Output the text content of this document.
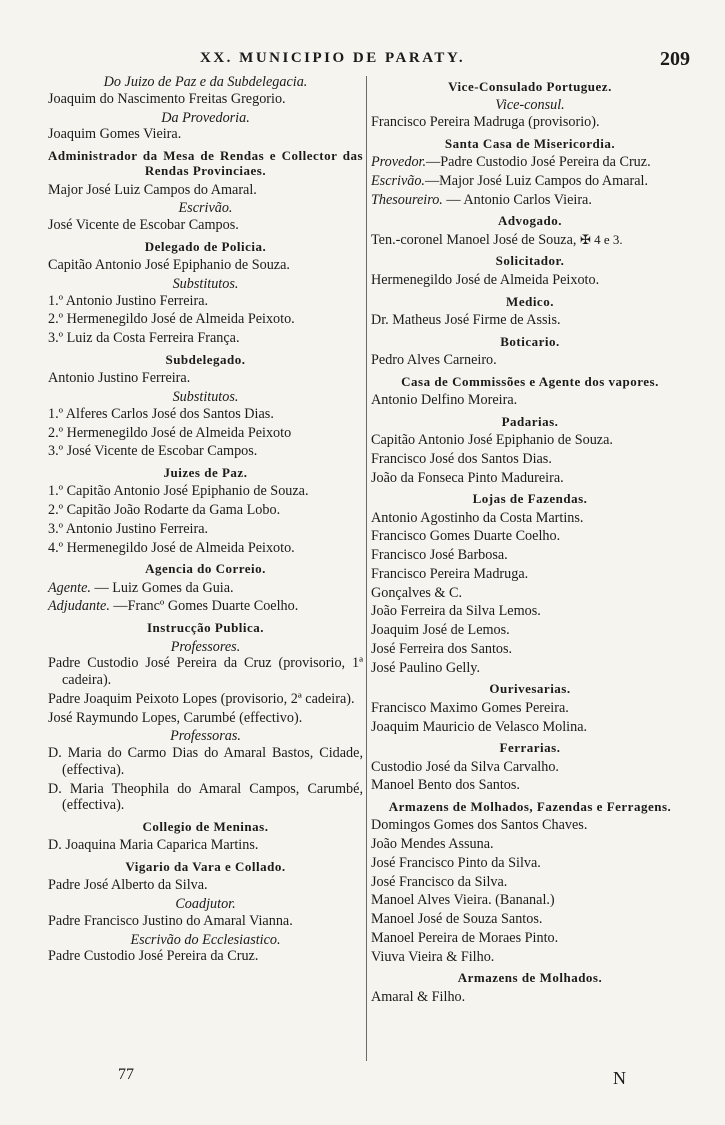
XX. MUNICIPIO DE PARATY.	209
Do Juizo de Paz e da Subdelegacia.
Joaquim do Nascimento Freitas Gregorio.
Da Provedoria.
Joaquim Gomes Vieira.
Administrador da Mesa de Rendas e Collector das Rendas Provinciaes.
Major José Luiz Campos do Amaral.
Escrivão.
José Vicente de Escobar Campos.
Delegado de Policia.
Capitão Antonio José Epiphanio de Souza.
Substitutos.
1.º Antonio Justino Ferreira.
2.º Hermenegildo José de Almeida Peixoto.
3.º Luiz da Costa Ferreira França.
Subdelegado.
Antonio Justino Ferreira.
Substitutos.
1.º Alferes Carlos José dos Santos Dias.
2.º Hermenegildo José de Almeida Peixoto
3.º José Vicente de Escobar Campos.
Juizes de Paz.
1.º Capitão Antonio José Epiphanio de Souza.
2.º Capitão João Rodarte da Gama Lobo.
3.º Antonio Justino Ferreira.
4.º Hermenegildo José de Almeida Peixoto.
Agencia do Correio.
Agente. — Luiz Gomes da Guia.
Adjudante. —Francº Gomes Duarte Coelho.
Instrucção Publica.
Professores.
Padre Custodio José Pereira da Cruz (provisorio, 1ª cadeira).
Padre Joaquim Peixoto Lopes (provisorio, 2ª cadeira).
José Raymundo Lopes, Carumbé (effectivo).
Professoras.
D. Maria do Carmo Dias do Amaral Bastos, Cidade, (effectiva).
D. Maria Theophila do Amaral Campos, Carumbé, (effectiva).
Collegio de Meninas.
D. Joaquina Maria Caparica Martins.
Vigario da Vara e Collado.
Padre José Alberto da Silva.
Coadjutor.
Padre Francisco Justino do Amaral Vianna.
Escrivão do Ecclesiastico.
Padre Custodio José Pereira da Cruz.
Vice-Consulado Portuguez.
Vice-consul.
Francisco Pereira Madruga (provisorio).
Santa Casa de Misericordia.
Provedor.—Padre Custodio José Pereira da Cruz.
Escrivão.—Major José Luiz Campos do Amaral.
Thesoureiro. — Antonio Carlos Vieira.
Advogado.
Ten.-coronel Manoel José de Souza, ✠ 4 e 3.
Solicitador.
Hermenegildo José de Almeida Peixoto.
Medico.
Dr. Matheus José Firme de Assis.
Boticario.
Pedro Alves Carneiro.
Casa de Commissões e Agente dos vapores.
Antonio Delfino Moreira.
Padarias.
Capitão Antonio José Epiphanio de Souza.
Francisco José dos Santos Dias.
João da Fonseca Pinto Madureira.
Lojas de Fazendas.
Antonio Agostinho da Costa Martins.
Francisco Gomes Duarte Coelho.
Francisco José Barbosa.
Francisco Pereira Madruga.
Gonçalves & C.
João Ferreira da Silva Lemos.
Joaquim José de Lemos.
José Ferreira dos Santos.
José Paulino Gelly.
Ourivesarias.
Francisco Maximo Gomes Pereira.
Joaquim Mauricio de Velasco Molina.
Ferrarias.
Custodio José da Silva Carvalho.
Manoel Bento dos Santos.
Armazens de Molhados, Fazendas e Ferragens.
Domingos Gomes dos Santos Chaves.
João Mendes Assuna.
José Francisco Pinto da Silva.
José Francisco da Silva.
Manoel Alves Vieira. (Bananal.)
Manoel José de Souza Santos.
Manoel Pereira de Moraes Pinto.
Viuva Vieira & Filho.
Armazens de Molhados.
Amaral & Filho.
77	N
